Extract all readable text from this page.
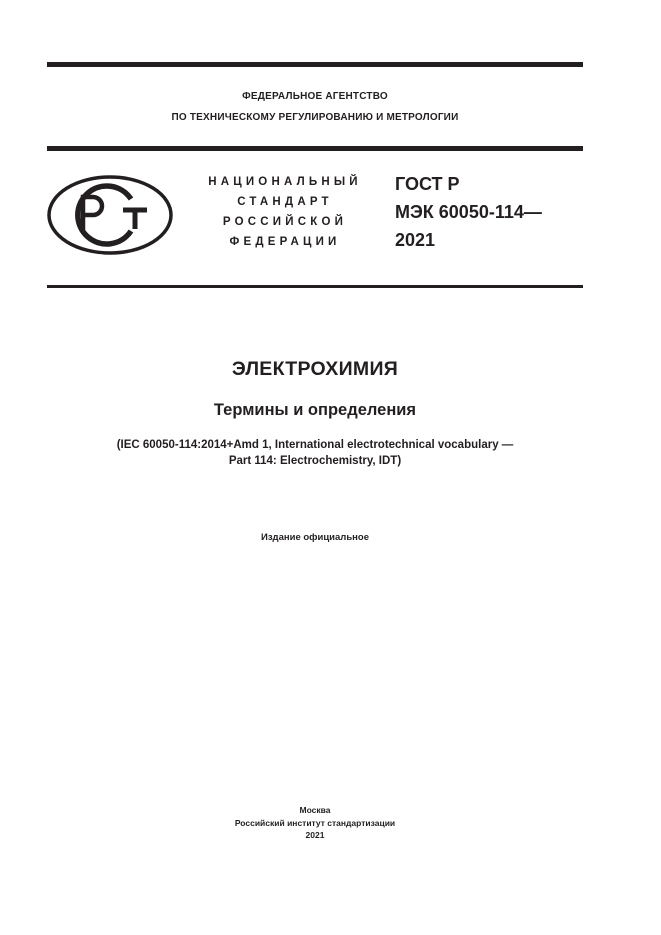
ФЕДЕРАЛЬНОЕ АГЕНТСТВО
ПО ТЕХНИЧЕСКОМУ РЕГУЛИРОВАНИЮ И МЕТРОЛОГИИ
НАЦИОНАЛЬНЫЙ
СТАНДАРТ
РОССИЙСКОЙ
ФЕДЕРАЦИИ
ГОСТ Р
МЭК 60050-114—
2021
ЭЛЕКТРОХИМИЯ
Термины и определения
(IEC 60050-114:2014+Amd 1, International electrotechnical vocabulary —
Part 114: Electrochemistry, IDT)
Издание официальное
Москва
Российский институт стандартизации
2021
